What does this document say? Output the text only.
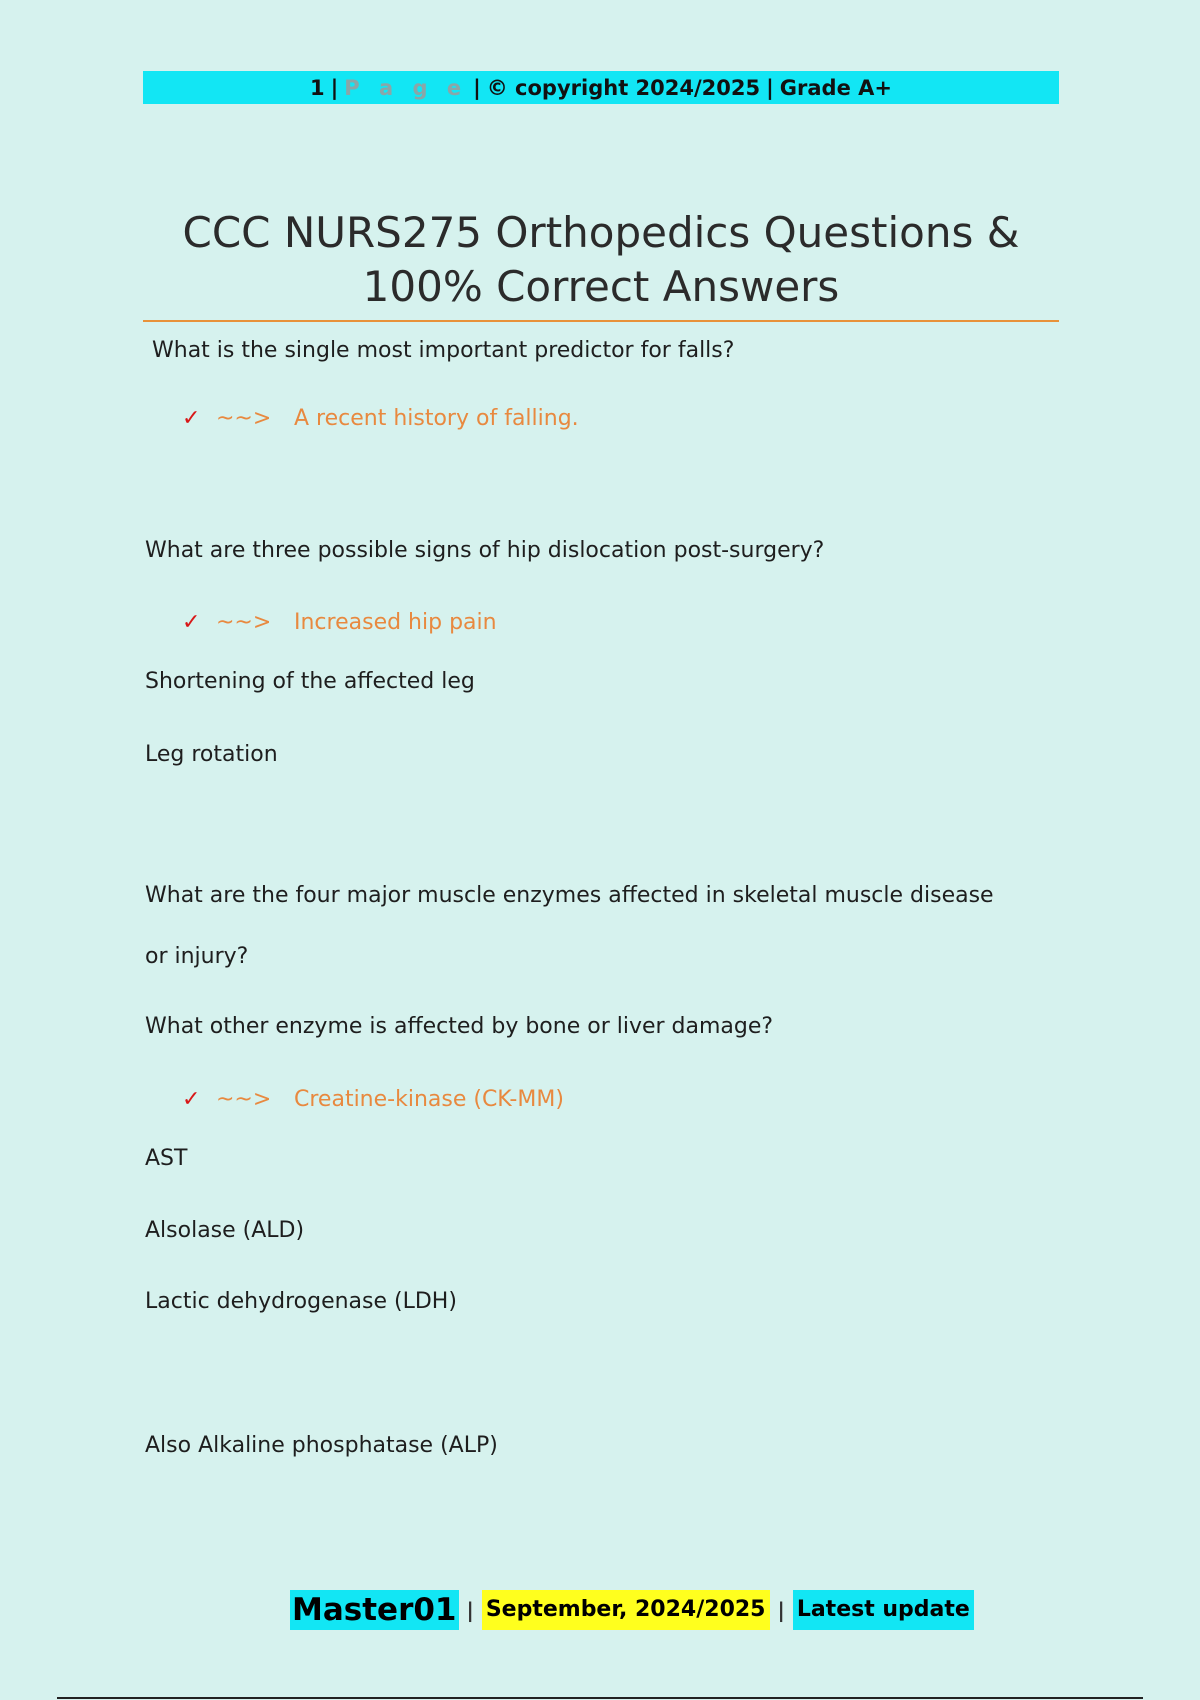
1 | P a g e | © copyright 2024/2025 | Grade A+
CCC NURS275 Orthopedics Questions &
100% Correct Answers
What is the single most important predictor for falls?
✓ ~~>	A recent history of falling.
What are three possible signs of hip dislocation post-surgery?
✓ ~~>	Increased hip pain
Shortening of the affected leg
Leg rotation
What are the four major muscle enzymes affected in skeletal muscle disease
or injury?
What other enzyme is affected by bone or liver damage?
✓ ~~>	Creatine-kinase (CK-MM)
AST
Alsolase (ALD)
Lactic dehydrogenase (LDH)
Also Alkaline phosphatase (ALP)
Master01 | September, 2024/2025 | Latest update
